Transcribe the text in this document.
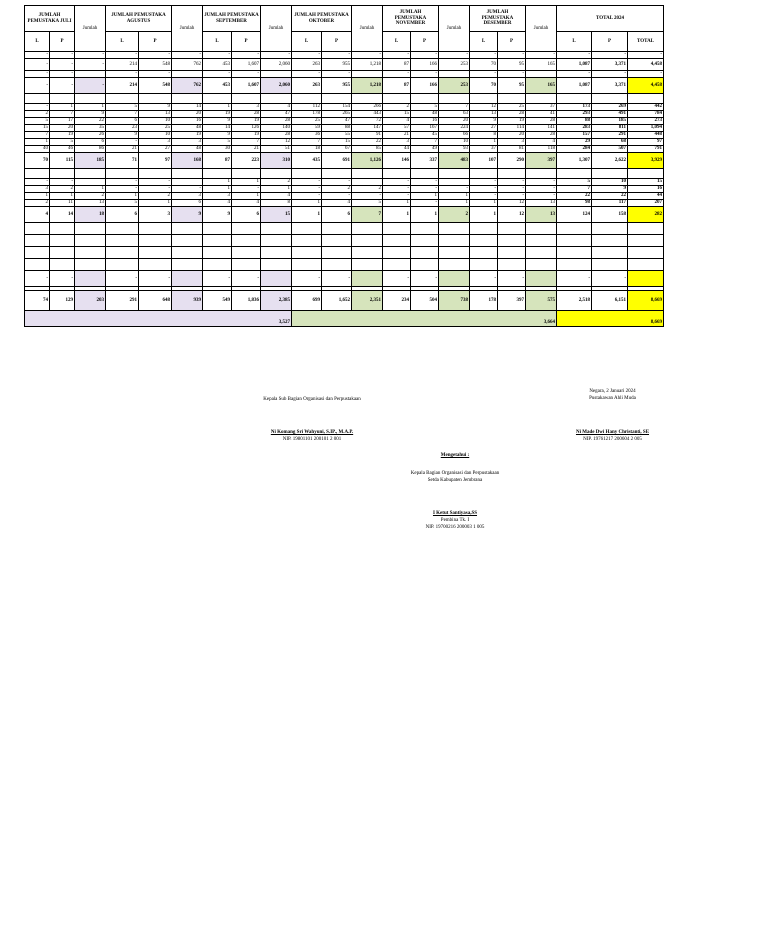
JUMLAH PEMUSTAKA JULI		Jumlah	JUMLAH PEMUSTAKA AGUSTUS		Jumlah	JUMLAH PEMUSTAKA SEPTEMBER		Jumlah	JUMLAH PEMUSTAKA OKTOBER		Jumlah	JUMLAH PEMUSTAKA NOVEMBER		Jumlah	JUMLAH PEMUSTAKA DESEMBER		Jumlah	TOTAL 2024		
L	P		L	P		L	P		L	P		L	P		L	P		L	P	TOTAL
-	-	-	-	-	-	-	-	-	-	-	-	-	-	-	-	-	-	-	-	-
-	-	-	214	548	762	453	1,607	2,060	263	955	1,218	87	166	253	70	95	165	1,087	3,371	4,458
-	-		-	-		-	-		-	-		-	-		-	-		-	-	-
-	-	-	214	548	762	453	1,607	2,060	263	955	1,218	87	166	253	70	95	165	1,087	3,371	4,458

-	1	1	5	9	14	1	3	4	112	154	266	2	5	7	12	25	37	173	269	442
2	7	9	7	13	20	19	28	47	178	265	443	15	48	63	13	28	41	293	491	784
5	17	22	6	10	16	9	19	28	25	47	72	4	16	20	9	19	28	88	185	273
15	20	35	23	25	48	14	126	140	59	88	147	57	167	224	27	114	141	283	811	1,094
7	19	26	9	10	19	9	19	28	36	55	91	21	45	66	8	20	28	157	291	448
1	5	6	-	3	3	5	7	12	7	15	22	3	7	10	1	3	4	29	68	97
40	46	86	21	27	48	30	21	51	18	67	85	44	49	93	37	81	118	284	507	791
70	115	185	71	97	168	87	223	310	435	691	1,126	146	337	483	107	290	397	1,307	2,622	3,929

-	-		-	-		1	1	2	-	-		-	-		-	-	-	5	10	15
3	2	1	-	-	-	1	-	1	-	2	2	-	-	-	-	-	-	7	9	16
1	1	2	1	2	3	3	1	4	-	-	-	-	1	1	-	-	-	22	22	44
2	11	13	5	1	6	4	4	8	1	4	5	1	-	1	1	12	13	98	117	207
4	14	18	6	3	9	9	6	15	1	6	7	1	1	2	1	12	13	124	158	282

-	-		-	-		-	-		-	-		-	-		-	-		-	-	

74	129	203	291	648	939	549	1,836	2,385	699	1,652	2,351	234	504	738	178	397	575	2,518	6,151	8,669
3,527									3,664									8,669		
Kepala Sub Bagian Organisasi dan Perpustakaan
Negara, 2 Januari 2024
Pustakawan Ahli Muda
Ni Komang Sri Wahyuni, S.IP., M.A.P.
NIP. 19801101 200101 2 001
Ni Made Dwi Hany Christanti, SE
NIP. 19761217 200604 2 005
Mengetahui :
Kepala Bagian Organisasi dan Perpustakaan
Setda Kabupaten Jembrana
I Ketut Santiyasa,SS
Pembina Tk. I
NIP. 19700216 200003 1 005
